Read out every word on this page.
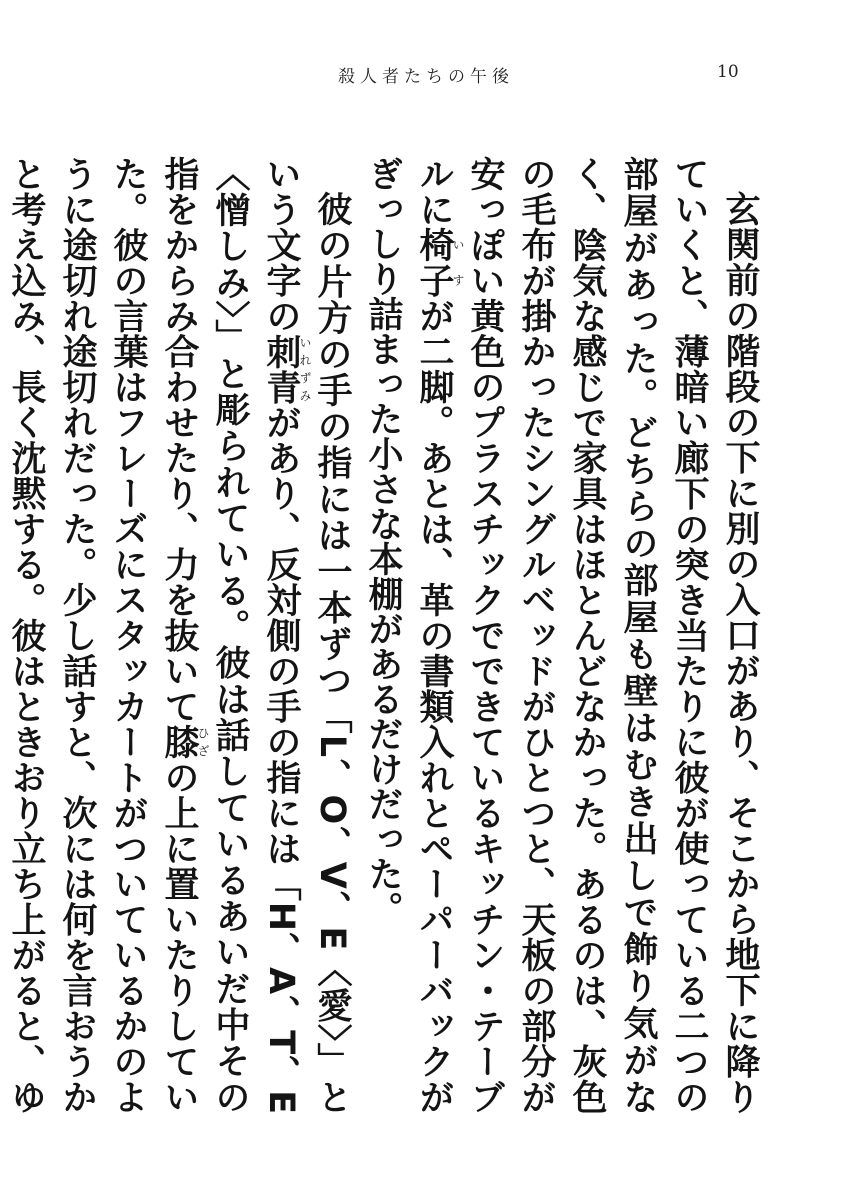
殺人者たちの午後	10

玄関前の階段の下に別の入口があり、そこから地下に降りていくと、薄暗い廊下の突き当たりに彼が使っている二つの部屋があった。どちらの部屋も壁はむき出しで飾り気がなく、陰気な感じで家具はほとんどなかった。あるのは、灰色の毛布が掛かったシングルベッドがひとつと、天板の部分が安っぽい黄色のプラスチックでできているキッチン・テーブルに椅子いすが二脚。あとは、革の書類入れとペーパーバックがぎっしり詰まった小さな本棚があるだけだった。

彼の片方の手の指には一本ずつ「L、O、V、E〈愛〉」という文字の刺青いれずみがあり、反対側の手の指には「H、A、T、E〈憎しみ〉」と彫られている。彼は話しているあいだ中その指をからみ合わせたり、力を抜いて膝ひざの上に置いたりしていた。彼の言葉はフレーズにスタッカートがついているかのように途切れ途切れだった。少し話すと、次には何を言おうかと考え込み、長く沈黙する。彼はときおり立ち上がると、ゆ
